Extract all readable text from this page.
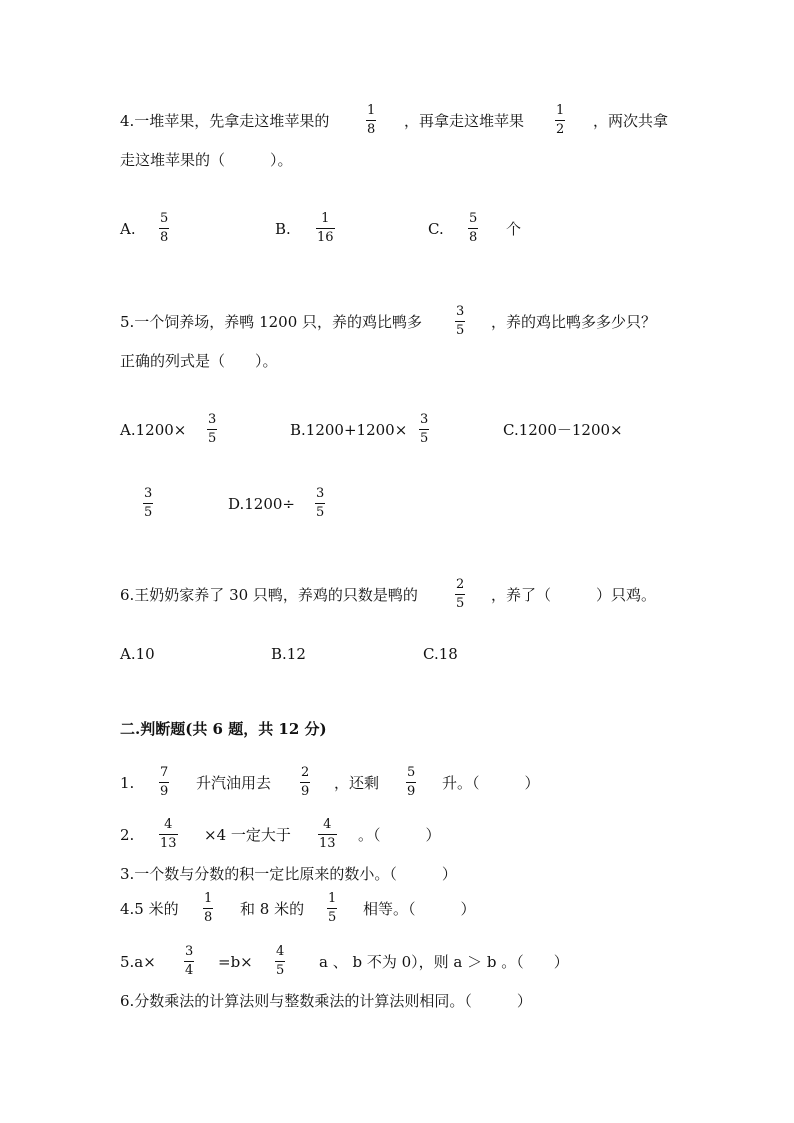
4.一堆苹果，先拿走这堆苹果的
1
8 ，再拿走这堆苹果
1
2 ，两次共拿
走这堆苹果的（　　　）。
A.
5
8	B.
1
16	C.
5
8 个
5.一个饲养场，养鸭 1200 只，养的鸡比鸭多
3
5 ，养的鸡比鸭多多少只？
正确的列式是（　　）。
A.1200×
3
5	B.1200+1200×
3
5	C.1200－1200×
3
5	D.1200÷
3
5
6.王奶奶家养了 30 只鸭，养鸡的只数是鸭的
2
5 ，养了（　　　）只鸡。
A.10	B.12	C.18
二.判断题(共 6 题，共 12 分)
1.
7
9 升汽油用去
2
9 ，还剩
5
9 升。（　　　）
2.
4
13 ×4 一定大于
4
13 。（　　　）
3.一个数与分数的积一定比原来的数小。（　　　）
4.5 米的
1
8 和 8 米的
1
5 相等。（　　　）
5.a×
3
4 =b×
4
5 a 、 b 不为 0），则 a ＞ b 。（　　）
6.分数乘法的计算法则与整数乘法的计算法则相同。（　　　）
